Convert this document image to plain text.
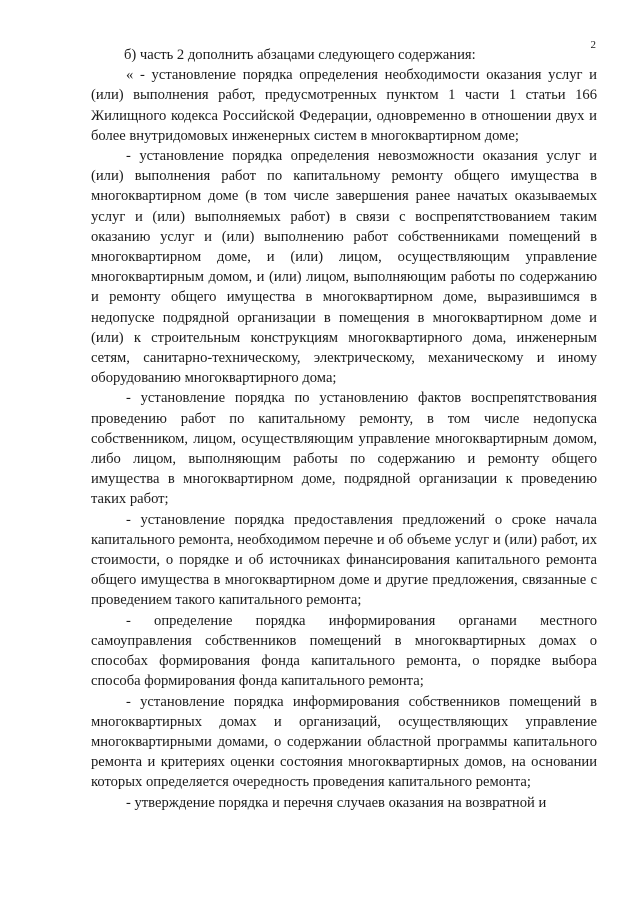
2

б) часть 2 дополнить абзацами следующего содержания:

« - установление порядка определения необходимости оказания услуг и (или) выполнения работ, предусмотренных пунктом 1 части 1 статьи 166 Жилищного кодекса Российской Федерации, одновременно в отношении двух и более внутридомовых инженерных систем в многоквартирном доме;

- установление порядка определения невозможности оказания услуг и (или) выполнения работ по капитальному ремонту общего имущества в многоквартирном доме (в том числе завершения ранее начатых оказываемых услуг и (или) выполняемых работ) в связи с воспрепятствованием таким оказанию услуг и (или) выполнению работ собственниками помещений в многоквартирном доме, и (или) лицом, осуществляющим управление многоквартирным домом, и (или) лицом, выполняющим работы по содержанию и ремонту общего имущества в многоквартирном доме, выразившимся в недопуске подрядной организации в помещения в многоквартирном доме и (или) к строительным конструкциям многоквартирного дома, инженерным сетям, санитарно-техническому, электрическому, механическому и иному оборудованию многоквартирного дома;

- установление порядка по установлению фактов воспрепятствования проведению работ по капитальному ремонту, в том числе недопуска собственником, лицом, осуществляющим управление многоквартирным домом, либо лицом, выполняющим работы по содержанию и ремонту общего имущества в многоквартирном доме, подрядной организации к проведению таких работ;

- установление порядка предоставления предложений о сроке начала капитального ремонта, необходимом перечне и об объеме услуг и (или) работ, их стоимости, о порядке и об источниках финансирования капитального ремонта общего имущества в многоквартирном доме и другие предложения, связанные с проведением такого капитального ремонта;

- определение порядка информирования органами местного самоуправления собственников помещений в многоквартирных домах о способах формирования фонда капитального ремонта, о порядке выбора способа формирования фонда капитального ремонта;

- установление порядка информирования собственников помещений в многоквартирных домах и организаций, осуществляющих управление многоквартирными домами, о содержании областной программы капитального ремонта и критериях оценки состояния многоквартирных домов, на основании которых определяется очередность проведения капитального ремонта;

- утверждение порядка и перечня случаев оказания на возвратной и
